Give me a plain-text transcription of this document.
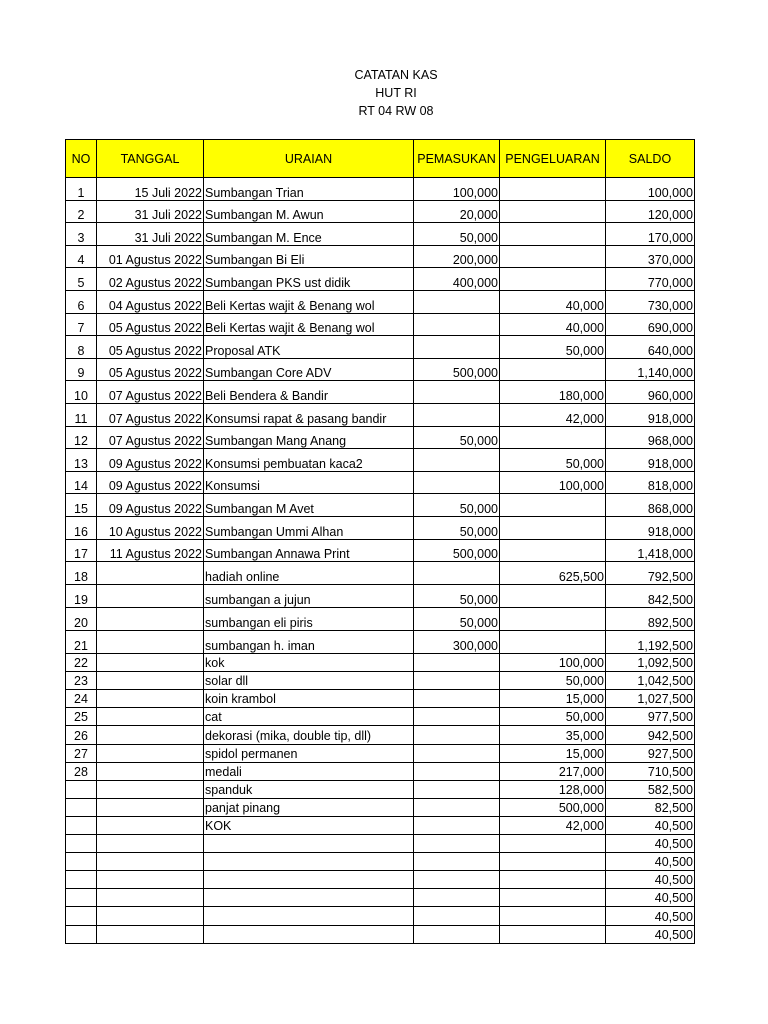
CATATAN KAS
HUT RI
RT 04 RW 08
NO	TANGGAL	URAIAN	PEMASUKAN	PENGELUARAN	SALDO
1	15 Juli 2022	Sumbangan Trian	100,000		100,000
2	31 Juli 2022	Sumbangan M. Awun	20,000		120,000
3	31 Juli 2022	Sumbangan M. Ence	50,000		170,000
4	01 Agustus 2022	Sumbangan Bi Eli	200,000		370,000
5	02 Agustus 2022	Sumbangan PKS ust didik	400,000		770,000
6	04 Agustus 2022	Beli Kertas wajit & Benang wol		40,000	730,000
7	05 Agustus 2022	Beli Kertas wajit & Benang wol		40,000	690,000
8	05 Agustus 2022	Proposal ATK		50,000	640,000
9	05 Agustus 2022	Sumbangan Core ADV	500,000		1,140,000
10	07 Agustus 2022	Beli Bendera & Bandir		180,000	960,000
11	07 Agustus 2022	Konsumsi rapat & pasang bandir		42,000	918,000
12	07 Agustus 2022	Sumbangan Mang Anang	50,000		968,000
13	09 Agustus 2022	Konsumsi pembuatan kaca2		50,000	918,000
14	09 Agustus 2022	Konsumsi		100,000	818,000
15	09 Agustus 2022	Sumbangan M Avet	50,000		868,000
16	10 Agustus 2022	Sumbangan Ummi Alhan	50,000		918,000
17	11 Agustus 2022	Sumbangan Annawa Print	500,000		1,418,000
18		hadiah online		625,500	792,500
19		sumbangan a jujun	50,000		842,500
20		sumbangan eli piris	50,000		892,500
21		sumbangan h. iman	300,000		1,192,500
22		kok		100,000	1,092,500
23		solar dll		50,000	1,042,500
24		koin krambol		15,000	1,027,500
25		cat		50,000	977,500
26		dekorasi (mika, double tip, dll)		35,000	942,500
27		spidol permanen		15,000	927,500
28		medali		217,000	710,500
		spanduk		128,000	582,500
		panjat pinang		500,000	82,500
		KOK		42,000	40,500
					40,500
					40,500
					40,500
					40,500
					40,500
					40,500
